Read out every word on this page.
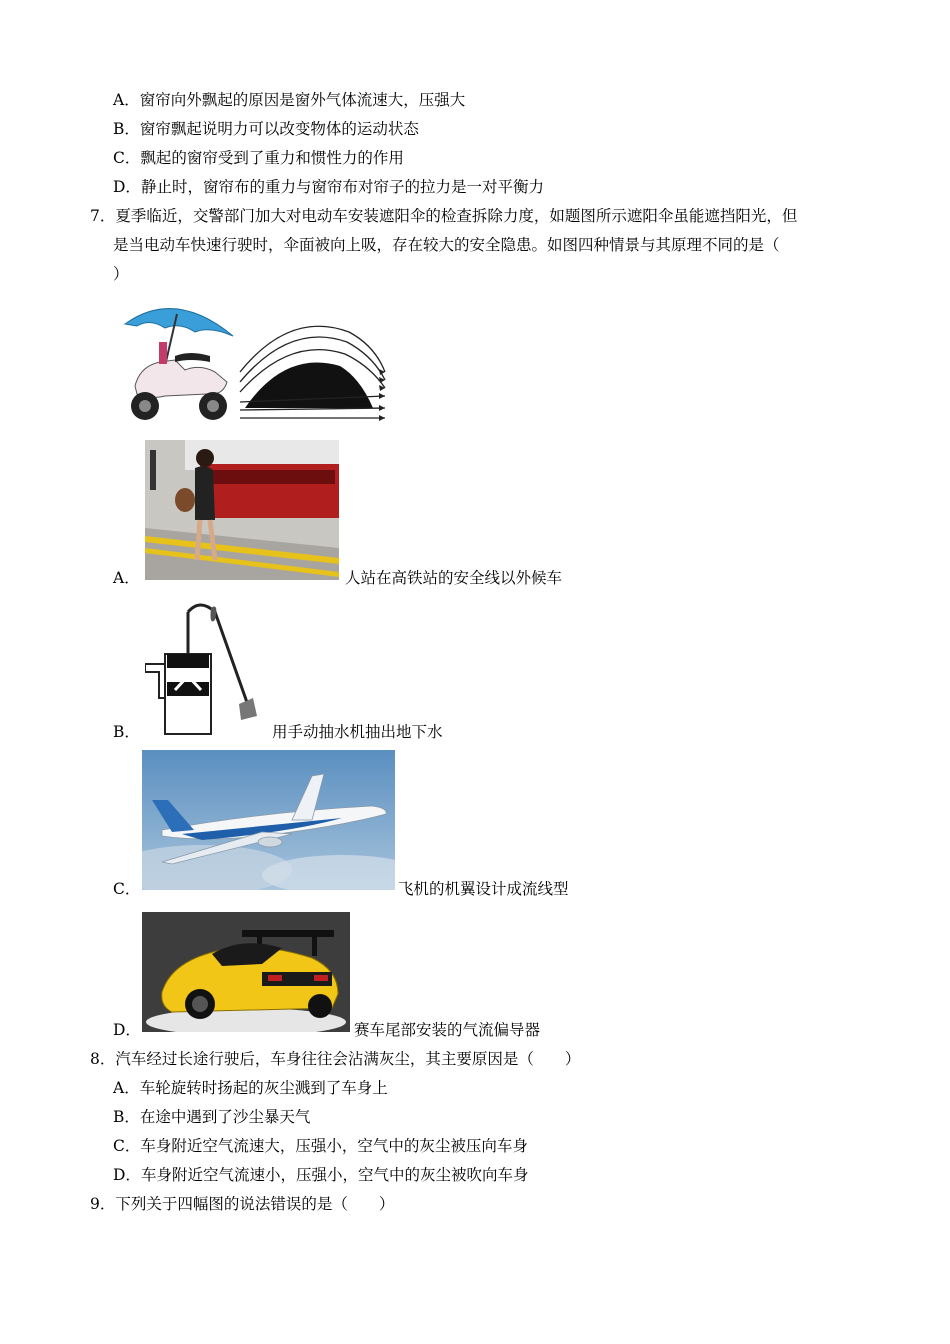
A．窗帘向外飘起的原因是窗外气体流速大，压强大
B．窗帘飘起说明力可以改变物体的运动状态
C．飘起的窗帘受到了重力和惯性力的作用
D．静止时，窗帘布的重力与窗帘布对帘子的拉力是一对平衡力
7．夏季临近，交警部门加大对电动车安装遮阳伞的检查拆除力度，如题图所示遮阳伞虽能遮挡阳光，但
是当电动车快速行驶时，伞面被向上吸，存在较大的安全隐患。如图四种情景与其原理不同的是（
）
A．	人站在高铁站的安全线以外候车
B．	用手动抽水机抽出地下水
C．	飞机的机翼设计成流线型
D．	赛车尾部安装的气流偏导器
8．汽车经过长途行驶后，车身往往会沾满灰尘，其主要原因是（　　）
A．车轮旋转时扬起的灰尘溅到了车身上
B．在途中遇到了沙尘暴天气
C．车身附近空气流速大，压强小，空气中的灰尘被压向车身
D．车身附近空气流速小，压强小，空气中的灰尘被吹向车身
9．下列关于四幅图的说法错误的是（　　）
